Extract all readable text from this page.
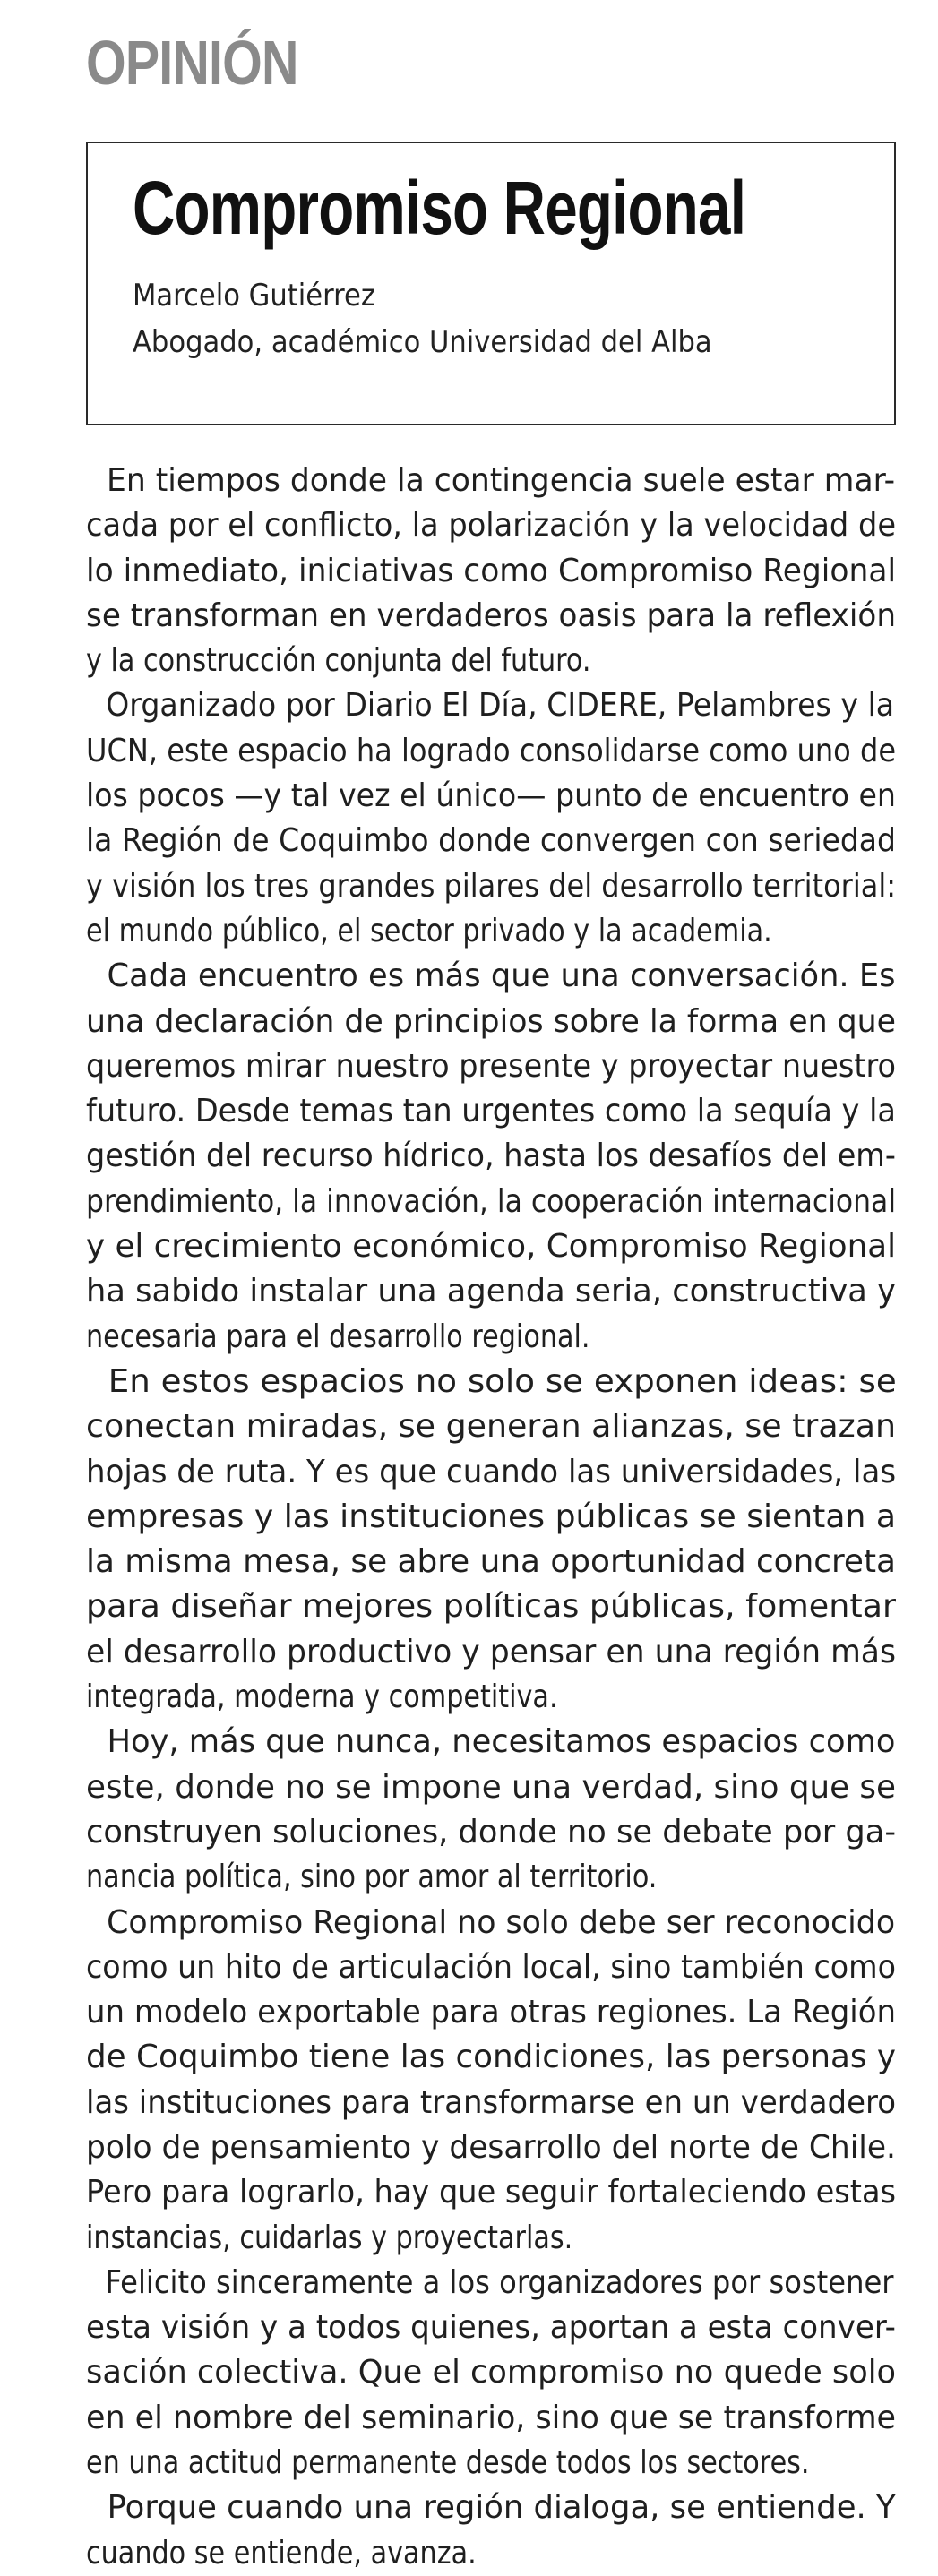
OPINIÓN
Compromiso Regional
Marcelo Gutiérrez
Abogado, académico Universidad del Alba
En tiempos donde la contingencia suele estar mar-
cada por el conflicto, la polarización y la velocidad de
lo inmediato, iniciativas como Compromiso Regional
se transforman en verdaderos oasis para la reflexión
y la construcción conjunta del futuro.
Organizado por Diario El Día, CIDERE, Pelambres y la
UCN, este espacio ha logrado consolidarse como uno de
los pocos —y tal vez el único— punto de encuentro en
la Región de Coquimbo donde convergen con seriedad
y visión los tres grandes pilares del desarrollo territorial:
el mundo público, el sector privado y la academia.
Cada encuentro es más que una conversación. Es
una declaración de principios sobre la forma en que
queremos mirar nuestro presente y proyectar nuestro
futuro. Desde temas tan urgentes como la sequía y la
gestión del recurso hídrico, hasta los desafíos del em-
prendimiento, la innovación, la cooperación internacional
y el crecimiento económico, Compromiso Regional
ha sabido instalar una agenda seria, constructiva y
necesaria para el desarrollo regional.
En estos espacios no solo se exponen ideas: se
conectan miradas, se generan alianzas, se trazan
hojas de ruta. Y es que cuando las universidades, las
empresas y las instituciones públicas se sientan a
la misma mesa, se abre una oportunidad concreta
para diseñar mejores políticas públicas, fomentar
el desarrollo productivo y pensar en una región más
integrada, moderna y competitiva.
Hoy, más que nunca, necesitamos espacios como
este, donde no se impone una verdad, sino que se
construyen soluciones, donde no se debate por ga-
nancia política, sino por amor al territorio.
Compromiso Regional no solo debe ser reconocido
como un hito de articulación local, sino también como
un modelo exportable para otras regiones. La Región
de Coquimbo tiene las condiciones, las personas y
las instituciones para transformarse en un verdadero
polo de pensamiento y desarrollo del norte de Chile.
Pero para lograrlo, hay que seguir fortaleciendo estas
instancias, cuidarlas y proyectarlas.
Felicito sinceramente a los organizadores por sostener
esta visión y a todos quienes, aportan a esta conver-
sación colectiva. Que el compromiso no quede solo
en el nombre del seminario, sino que se transforme
en una actitud permanente desde todos los sectores.
Porque cuando una región dialoga, se entiende. Y
cuando se entiende, avanza.
